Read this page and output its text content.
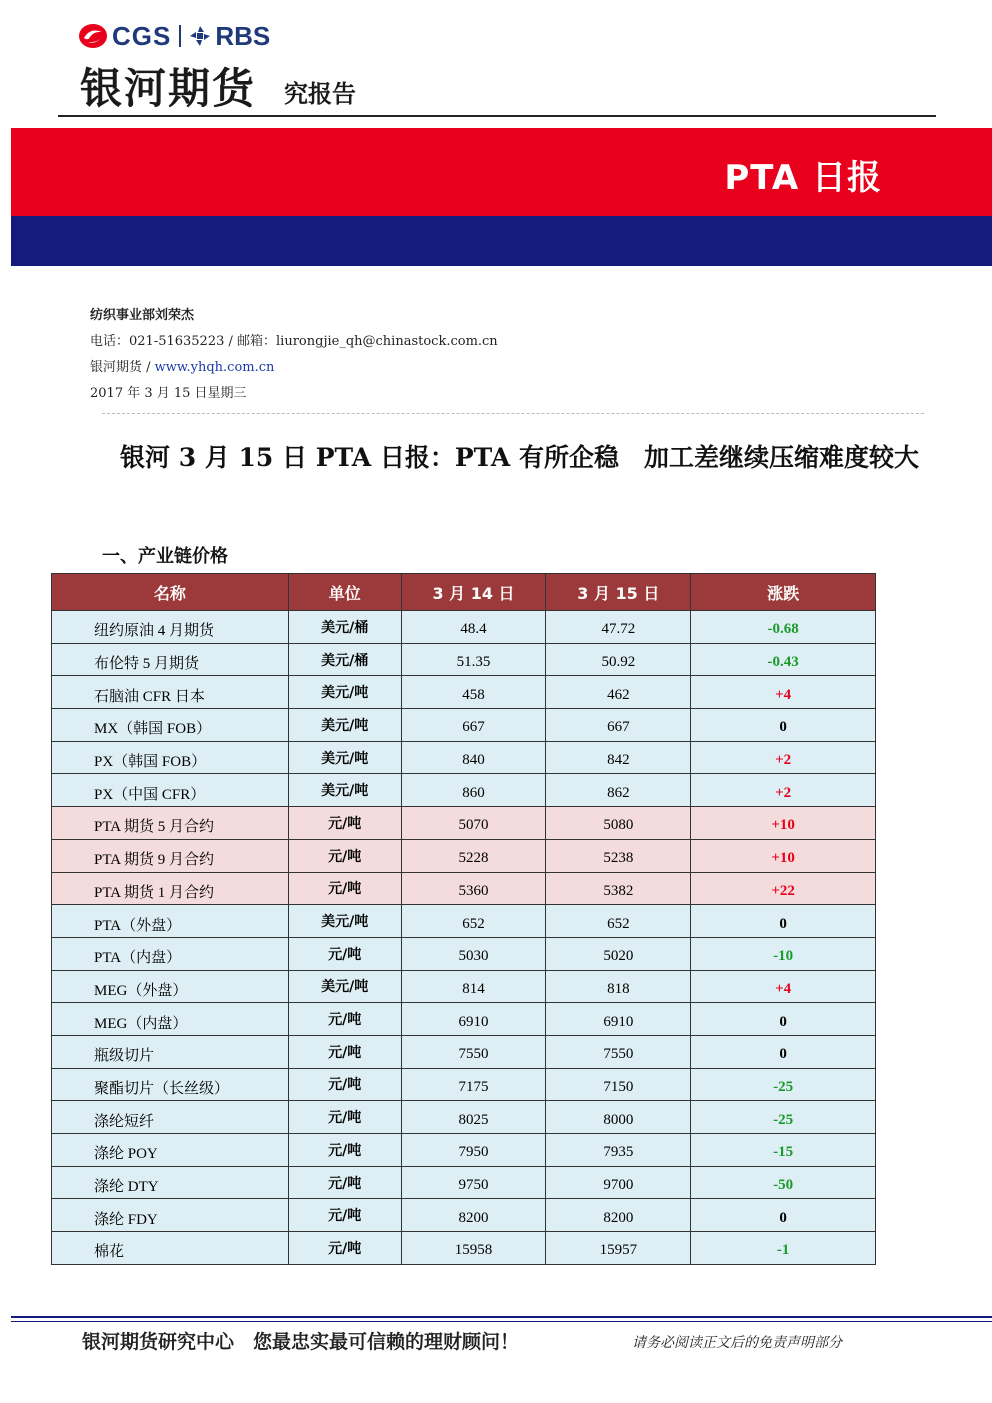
CGS RBS
银河期货 究报告
PTA 日报
纺织事业部刘荣杰
电话：021-51635223 / 邮箱：liurongjie_qh@chinastock.com.cn
银河期货 / www.yhqh.com.cn
2017 年 3 月 15 日星期三
银河 3 月 15 日 PTA 日报：PTA 有所企稳　加工差继续压缩难度较大
一、产业链价格
名称	单位	3 月 14 日	3 月 15 日	涨跌
纽约原油 4 月期货	美元/桶	48.4	47.72	-0.68
布伦特 5 月期货	美元/桶	51.35	50.92	-0.43
石脑油 CFR 日本	美元/吨	458	462	+4
MX（韩国 FOB）	美元/吨	667	667	0
PX（韩国 FOB）	美元/吨	840	842	+2
PX（中国 CFR）	美元/吨	860	862	+2
PTA 期货 5 月合约	元/吨	5070	5080	+10
PTA 期货 9 月合约	元/吨	5228	5238	+10
PTA 期货 1 月合约	元/吨	5360	5382	+22
PTA（外盘）	美元/吨	652	652	0
PTA（内盘）	元/吨	5030	5020	-10
MEG（外盘）	美元/吨	814	818	+4
MEG（内盘）	元/吨	6910	6910	0
瓶级切片	元/吨	7550	7550	0
聚酯切片（长丝级）	元/吨	7175	7150	-25
涤纶短纤	元/吨	8025	8000	-25
涤纶 POY	元/吨	7950	7935	-15
涤纶 DTY	元/吨	9750	9700	-50
涤纶 FDY	元/吨	8200	8200	0
棉花	元/吨	15958	15957	-1
银河期货研究中心　您最忠实最可信赖的理财顾问！	请务必阅读正文后的免责声明部分
